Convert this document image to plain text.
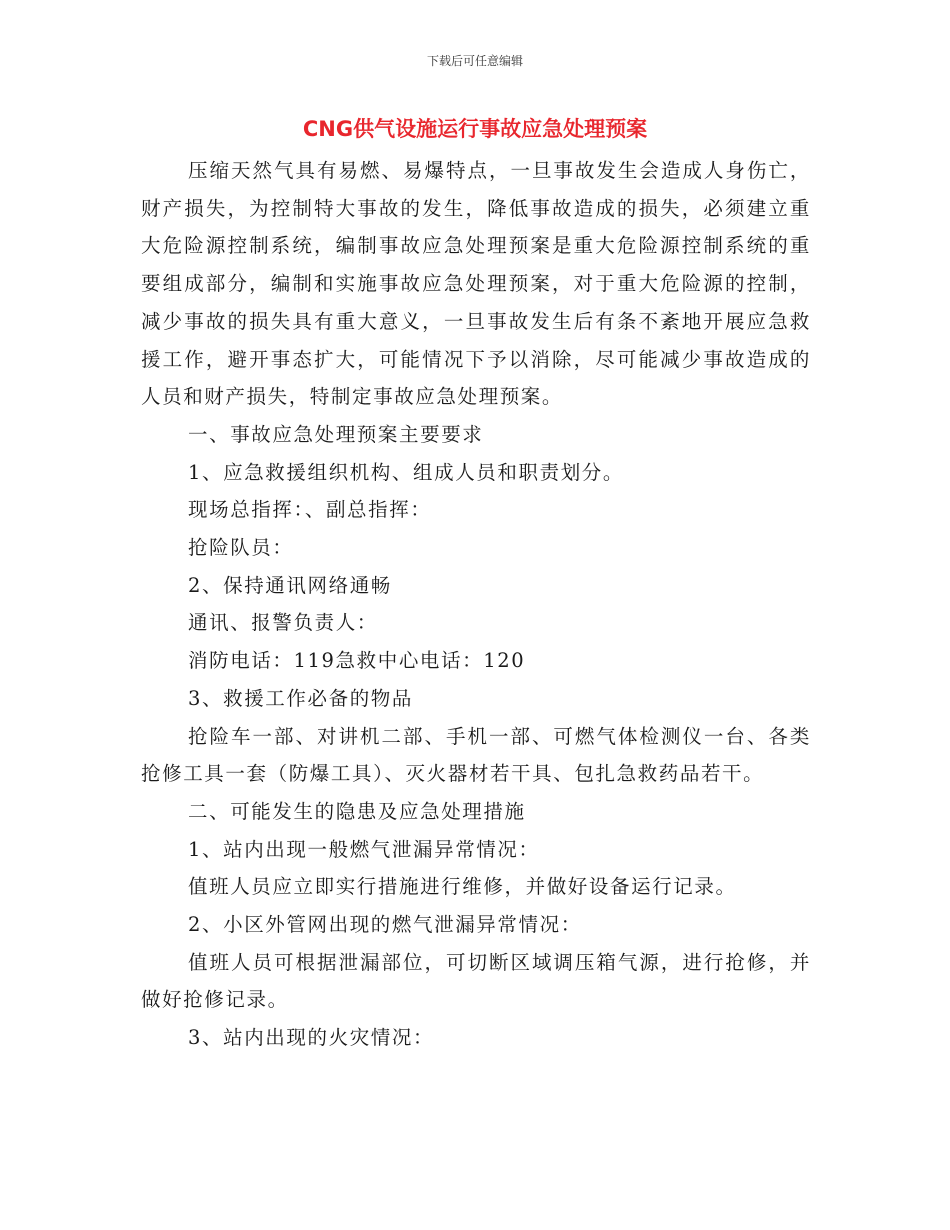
下载后可任意编辑
CNG供气设施运行事故应急处理预案

压缩天然气具有易燃、易爆特点，一旦事故发生会造成人身伤亡，财产损失，为控制特大事故的发生，降低事故造成的损失，必须建立重大危险源控制系统，编制事故应急处理预案是重大危险源控制系统的重要组成部分，编制和实施事故应急处理预案，对于重大危险源的控制，减少事故的损失具有重大意义，一旦事故发生后有条不紊地开展应急救援工作，避开事态扩大，可能情况下予以消除，尽可能减少事故造成的人员和财产损失，特制定事故应急处理预案。

一、事故应急处理预案主要要求

1、应急救援组织机构、组成人员和职责划分。

现场总指挥：、副总指挥：

抢险队员：

2、保持通讯网络通畅

通讯、报警负责人：

消防电话：119急救中心电话：120

3、救援工作必备的物品

抢险车一部、对讲机二部、手机一部、可燃气体检测仪一台、各类抢修工具一套（防爆工具）、灭火器材若干具、包扎急救药品若干。

二、可能发生的隐患及应急处理措施

1、站内出现一般燃气泄漏异常情况：

值班人员应立即实行措施进行维修，并做好设备运行记录。

2、小区外管网出现的燃气泄漏异常情况：

值班人员可根据泄漏部位，可切断区域调压箱气源，进行抢修，并做好抢修记录。

3、站内出现的火灾情况：
